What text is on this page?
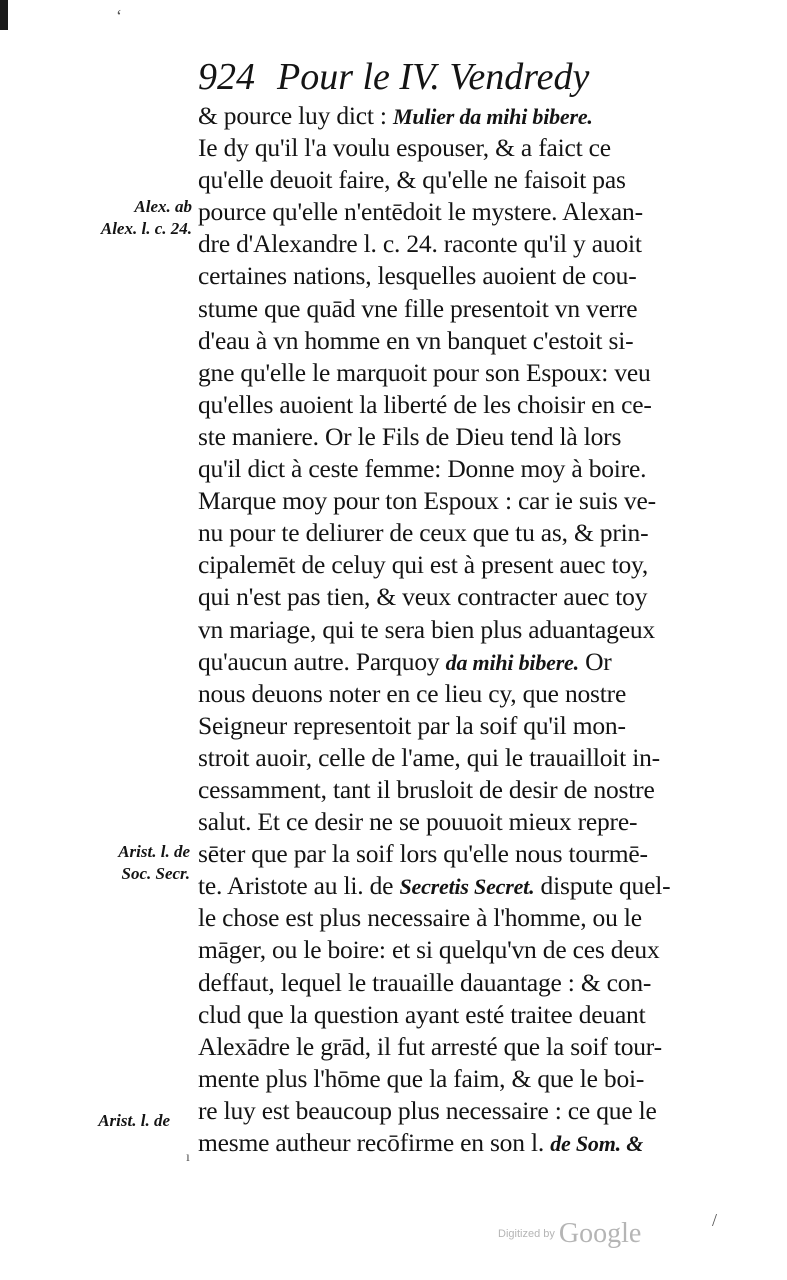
ʻ
924 Pour le IV. Vendredy
& pource luy dict : Mulier da mihi bibere.
Ie dy qu'il l'a voulu espouser, & a faict ce
qu'elle deuoit faire, & qu'elle ne faisoit pas
pource qu'elle n'entēdoit le mystere. Alexan-
dre d'Alexandre l. c. 24. raconte qu'il y auoit
certaines nations, lesquelles auoient de cou-
stume que quād vne fille presentoit vn verre
d'eau à vn homme en vn banquet c'estoit si-
gne qu'elle le marquoit pour son Espoux: veu
qu'elles auoient la liberté de les choisir en ce-
ste maniere. Or le Fils de Dieu tend là lors
qu'il dict à ceste femme: Donne moy à boire.
Marque moy pour ton Espoux : car ie suis ve-
nu pour te deliurer de ceux que tu as, & prin-
cipalemēt de celuy qui est à present auec toy,
qui n'est pas tien, & veux contracter auec toy
vn mariage, qui te sera bien plus aduantageux
qu'aucun autre. Parquoy da mihi bibere. Or
nous deuons noter en ce lieu cy, que nostre
Seigneur representoit par la soif qu'il mon-
stroit auoir, celle de l'ame, qui le trauailloit in-
cessamment, tant il brusloit de desir de nostre
salut. Et ce desir ne se pouuoit mieux repre-
sēter que par la soif lors qu'elle nous tourmē-
te. Aristote au li. de Secretis Secret. dispute quel-
le chose est plus necessaire à l'homme, ou le
māger, ou le boire: et si quelqu'vn de ces deux
deffaut, lequel le trauaille dauantage : & con-
clud que la question ayant esté traitee deuant
Alexādre le grād, il fut arresté que la soif tour-
mente plus l'hōme que la faim, & que le boi-
re luy est beaucoup plus necessaire : ce que le
mesme autheur recōfirme en son l. de Som. &
Alex. ab
Alex. l. c. 24.
Arist. l. de
Soc. Secr.
Arist. l. de
ı
/
Digitized by Google
